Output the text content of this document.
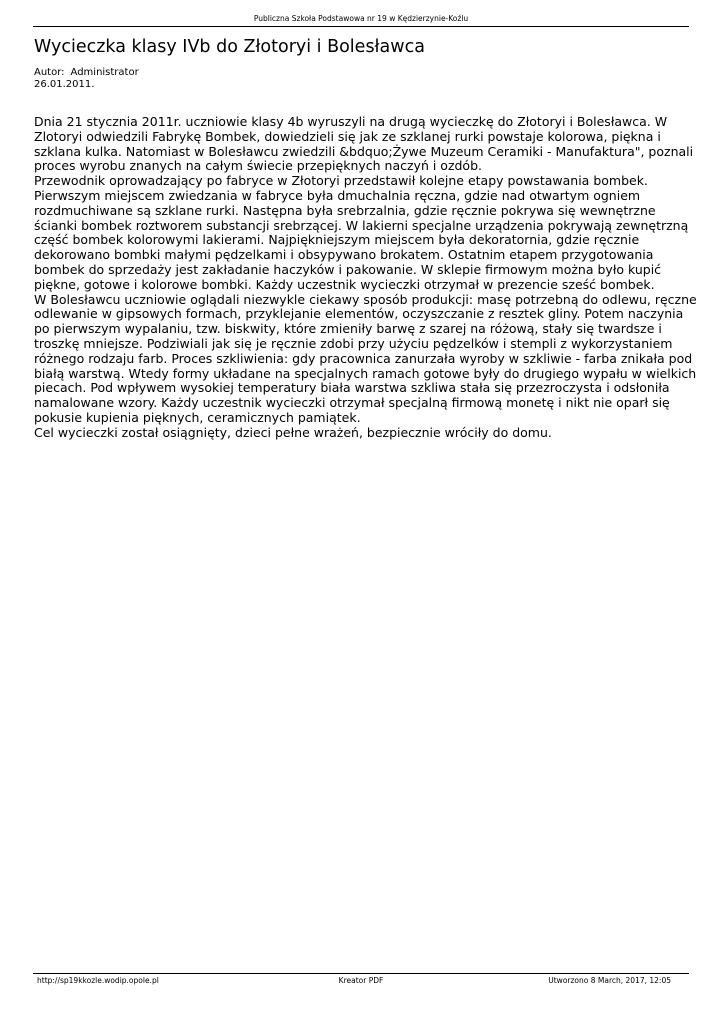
Publiczna Szkoła Podstawowa nr 19 w Kędzierzynie-Koźlu
Wycieczka klasy IVb do Złotoryi i Bolesławca
Autor: Administrator
26.01.2011.

Dnia 21 stycznia 2011r. uczniowie klasy 4b wyruszyli na drugą wycieczkę do Złotoryi i Bolesławca. W
Zlotoryi odwiedzili Fabrykę Bombek, dowiedzieli się jak ze szklanej rurki powstaje kolorowa, piękna i
szklana kulka. Natomiast w Bolesławcu zwiedzili &bdquo;Żywe Muzeum Ceramiki - Manufaktura", poznali
proces wyrobu znanych na całym świecie przepięknych naczyń i ozdób.

Przewodnik oprowadzający po fabryce w Złotoryi przedstawił kolejne etapy powstawania bombek.
Pierwszym miejscem zwiedzania w fabryce była dmuchalnia ręczna, gdzie nad otwartym ogniem
rozdmuchiwane są szklane rurki. Następna była srebrzalnia, gdzie ręcznie pokrywa się wewnętrzne
ścianki bombek roztworem substancji srebrzącej. W lakierni specjalne urządzenia pokrywają zewnętrzną
część bombek kolorowymi lakierami. Najpiękniejszym miejscem była dekoratornia, gdzie ręcznie
dekorowano bombki małymi pędzelkami i obsypywano brokatem. Ostatnim etapem przygotowania
bombek do sprzedaży jest zakładanie haczyków i pakowanie. W sklepie firmowym można było kupić
piękne, gotowe i kolorowe bombki. Każdy uczestnik wycieczki otrzymał w prezencie sześć bombek.

W Bolesławcu uczniowie oglądali niezwykle ciekawy sposób produkcji: masę potrzebną do odlewu, ręczne
odlewanie w gipsowych formach, przyklejanie elementów, oczyszczanie z resztek gliny. Potem naczynia
po pierwszym wypalaniu, tzw. biskwity, które zmieniły barwę z szarej na różową, stały się twardsze i
troszkę mniejsze. Podziwiali jak się je ręcznie zdobi przy użyciu pędzelków i stempli z wykorzystaniem
różnego rodzaju farb. Proces szkliwienia: gdy pracownica zanurzała wyroby w szkliwie - farba znikała pod
białą warstwą. Wtedy formy układane na specjalnych ramach gotowe były do drugiego wypału w wielkich
piecach. Pod wpływem wysokiej temperatury biała warstwa szkliwa stała się przezroczysta i odsłoniła
namalowane wzory. Każdy uczestnik wycieczki otrzymał specjalną firmową monetę i nikt nie oparł się
pokusie kupienia pięknych, ceramicznych pamiątek.

Cel wycieczki został osiągnięty, dzieci pełne wrażeń, bezpiecznie wróciły do domu.

http://sp19kkozle.wodip.opole.pl	Kreator PDF	Utworzono 8 March, 2017, 12:05
